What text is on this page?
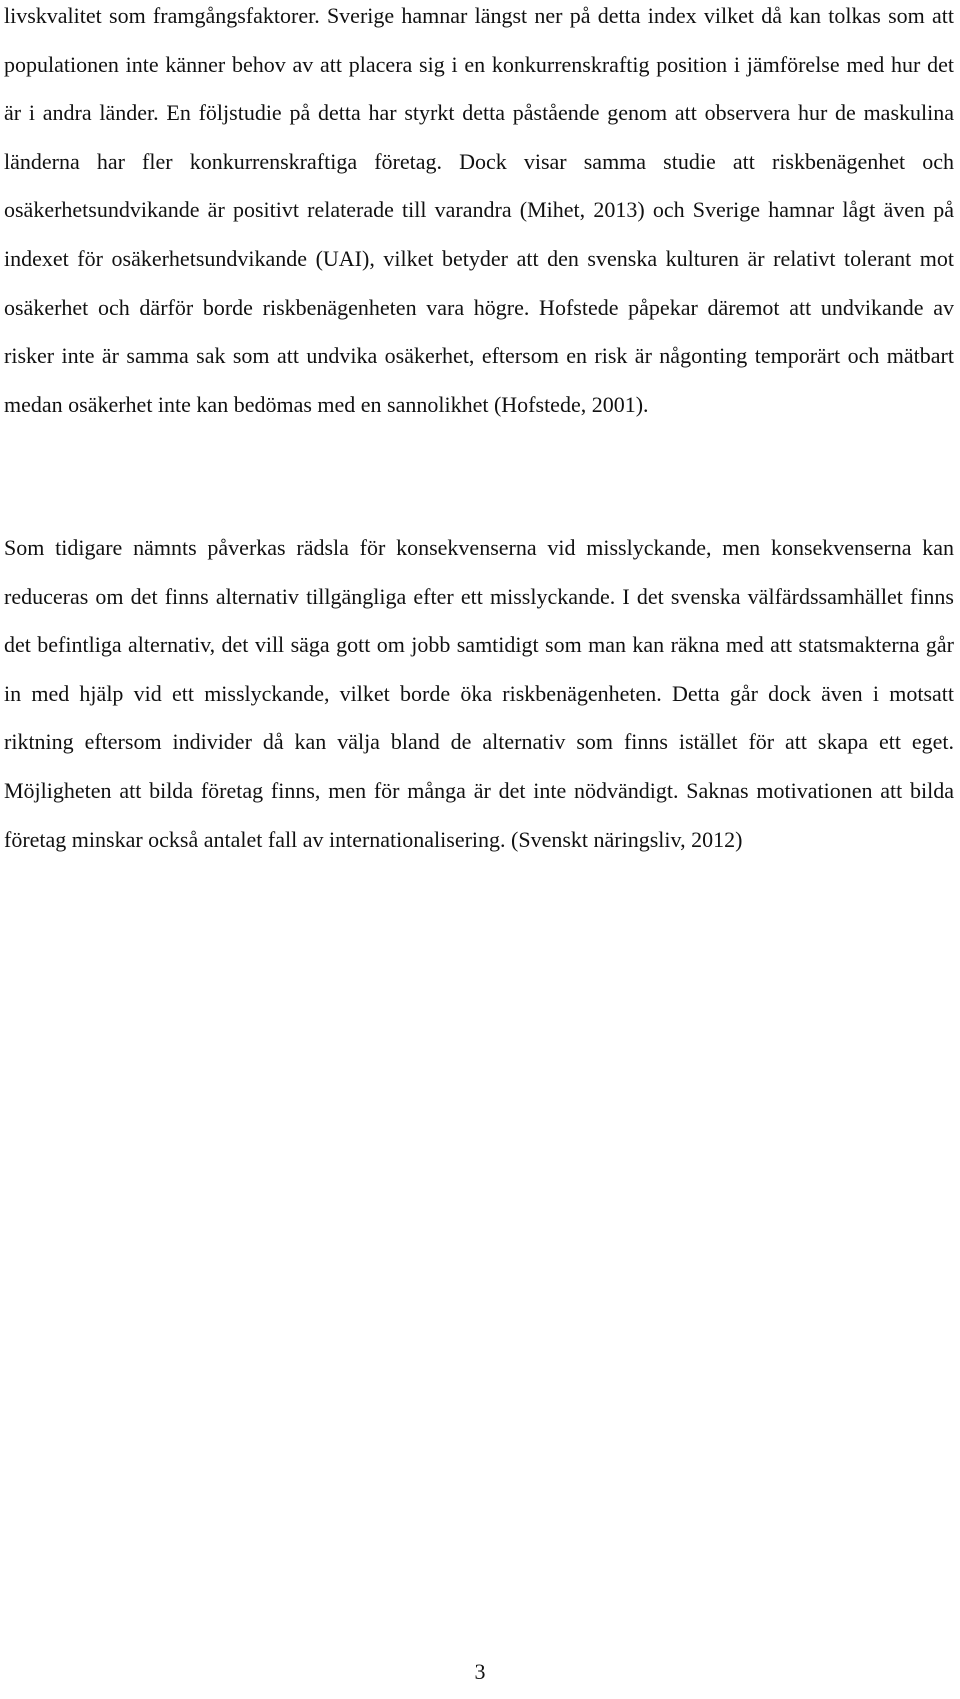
livskvalitet som framgångsfaktorer. Sverige hamnar längst ner på detta index vilket då kan tolkas som att populationen inte känner behov av att placera sig i en konkurrenskraftig position i jämförelse med hur det är i andra länder. En följstudie på detta har styrkt detta påstående genom att observera hur de maskulina länderna har fler konkurrenskraftiga företag. Dock visar samma studie att riskbenägenhet och osäkerhetsundvikande är positivt relaterade till varandra (Mihet, 2013) och Sverige hamnar lågt även på indexet för osäkerhetsundvikande (UAI), vilket betyder att den svenska kulturen är relativt tolerant mot osäkerhet och därför borde riskbenägenheten vara högre. Hofstede påpekar däremot att undvikande av risker inte är samma sak som att undvika osäkerhet, eftersom en risk är någonting temporärt och mätbart medan osäkerhet inte kan bedömas med en sannolikhet (Hofstede, 2001).

Som tidigare nämnts påverkas rädsla för konsekvenserna vid misslyckande, men konsekvenserna kan reduceras om det finns alternativ tillgängliga efter ett misslyckande. I det svenska välfärdssamhället finns det befintliga alternativ, det vill säga gott om jobb samtidigt som man kan räkna med att statsmakterna går in med hjälp vid ett misslyckande, vilket borde öka riskbenägenheten. Detta går dock även i motsatt riktning eftersom individer då kan välja bland de alternativ som finns istället för att skapa ett eget. Möjligheten att bilda företag finns, men för många är det inte nödvändigt. Saknas motivationen att bilda företag minskar också antalet fall av internationalisering. (Svenskt näringsliv, 2012)

3
